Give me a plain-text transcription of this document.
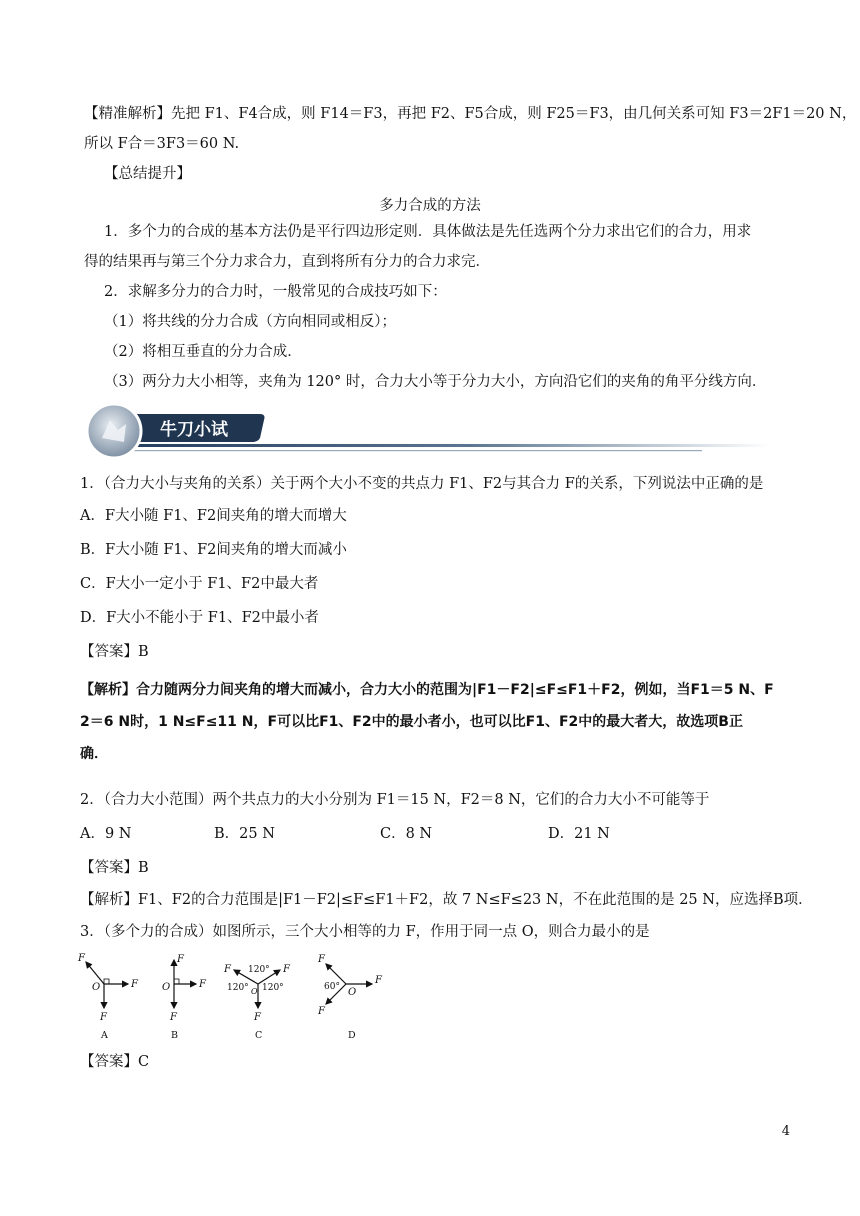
【精准解析】先把 F1、F4合成，则 F14＝F3，再把 F2、F5合成，则 F25＝F3，由几何关系可知 F3＝2F1＝20 N，
所以 F合＝3F3＝60 N.
【总结提升】
多力合成的方法
1．多个力的合成的基本方法仍是平行四边形定则．具体做法是先任选两个分力求出它们的合力，用求
得的结果再与第三个分力求合力，直到将所有分力的合力求完．
2．求解多分力的合力时，一般常见的合成技巧如下：
（1）将共线的分力合成（方向相同或相反）；
（2）将相互垂直的分力合成．
（3）两分力大小相等，夹角为 120° 时，合力大小等于分力大小，方向沿它们的夹角的角平分线方向．
牛刀小试
1．（合力大小与夹角的关系）关于两个大小不变的共点力 F1、F2与其合力 F的关系，下列说法中正确的是
A．F大小随 F1、F2间夹角的增大而增大
B．F大小随 F1、F2间夹角的增大而减小
C．F大小一定小于 F1、F2中最大者
D．F大小不能小于 F1、F2中最小者
【答案】B
【解析】合力随两分力间夹角的增大而减小，合力大小的范围为|F1－F2|≤F≤F1＋F2，例如，当F1＝5 N、F
2＝6 N时，1 N≤F≤11 N，F可以比F1、F2中的最小者小，也可以比F1、F2中的最大者大，故选项B正
确．
2．（合力大小范围）两个共点力的大小分别为 F1＝15 N，F2＝8 N，它们的合力大小不可能等于
A．9 N	B．25 N	C．8 N	D．21 N
【答案】B
【解析】F1、F2的合力范围是|F1－F2|≤F≤F1＋F2，故 7 N≤F≤23 N，不在此范围的是 25 N，应选择B项．
3．（多个力的合成）如图所示，三个大小相等的力 F，作用于同一点 O，则合力最小的是
F
F
O
F
A
F
F
O
F
B
F	F
120°
120° 120°
O
F
C
F
F
60° O
F
D
【答案】C
4
